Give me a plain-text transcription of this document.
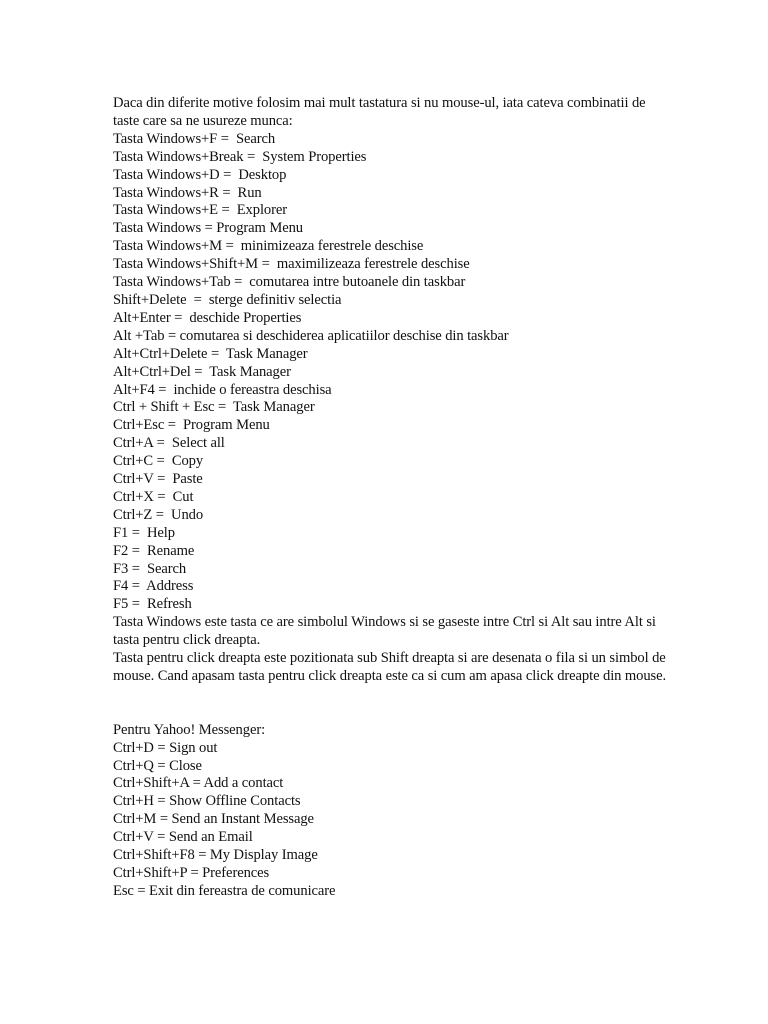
Daca din diferite motive folosim mai mult tastatura si nu mouse-ul, iata cateva combinatii de taste care sa ne usureze munca:

Tasta Windows+F =  Search
Tasta Windows+Break =  System Properties
Tasta Windows+D =  Desktop
Tasta Windows+R =  Run
Tasta Windows+E =  Explorer
Tasta Windows = Program Menu
Tasta Windows+M =  minimizeaza ferestrele deschise
Tasta Windows+Shift+M =  maximilizeaza ferestrele deschise
Tasta Windows+Tab =  comutarea intre butoanele din taskbar
Shift+Delete  =  sterge definitiv selectia
Alt+Enter =  deschide Properties
Alt +Tab = comutarea si deschiderea aplicatiilor deschise din taskbar
Alt+Ctrl+Delete =  Task Manager
Alt+Ctrl+Del =  Task Manager
Alt+F4 =  inchide o fereastra deschisa
Ctrl + Shift + Esc =  Task Manager
Ctrl+Esc =  Program Menu
Ctrl+A =  Select all
Ctrl+C =  Copy
Ctrl+V =  Paste
Ctrl+X =  Cut
Ctrl+Z =  Undo
F1 =  Help
F2 =  Rename
F3 =  Search
F4 =  Address
F5 =  Refresh

Tasta Windows este tasta ce are simbolul Windows si se gaseste intre Ctrl si Alt sau intre Alt si tasta pentru click dreapta.

Tasta pentru click dreapta este pozitionata sub Shift dreapta si are desenata o fila si un simbol de mouse. Cand apasam tasta pentru click dreapta este ca si cum am apasa click dreapte din mouse.

Pentru Yahoo! Messenger:
Ctrl+D = Sign out
Ctrl+Q = Close
Ctrl+Shift+A = Add a contact
Ctrl+H = Show Offline Contacts
Ctrl+M = Send an Instant Message
Ctrl+V = Send an Email
Ctrl+Shift+F8 = My Display Image
Ctrl+Shift+P = Preferences
Esc = Exit din fereastra de comunicare
